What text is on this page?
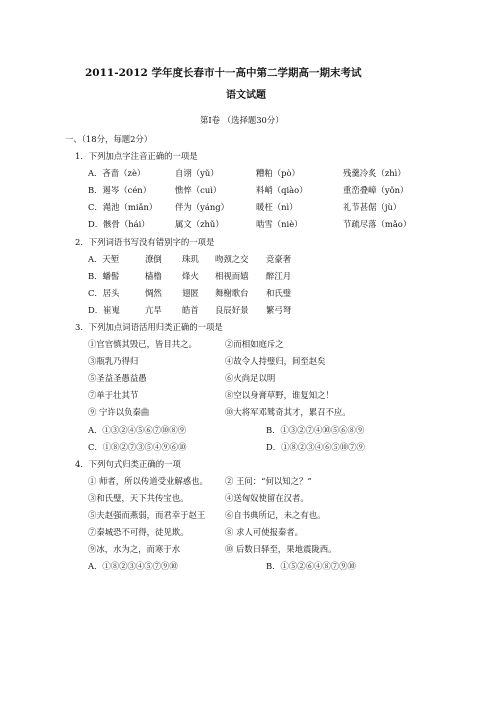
2011-2012 学年度长春市十一高中第二学期高一期末考试
语文试题
第Ⅰ卷 （选择题30分）
一、（18分，每题2分）
1．下列加点字注音正确的一项是
A．吝啬（zè）	自诩（yǔ）	糟粕（pò）	残羹冷炙（zhì）
B．遏岑（cén）	憔悴（cuì）	料峭（qiào）	重峦叠嶂（yǒn）
C．渑池（miǎn） 伴为（yáng）	暖枉（nì）	礼节甚倨（jù）
D．骸骨（hái）	属文（zhǔ）	啮雪（niè）	节疏尽落（mǎo）
2．下列词语书写没有错别字的一项是
A．天堑	潦倒 珠玑 吻颈之交 竞豪奢
B．蟠髻	樯橹 烽火 相视而嬉 醉江月
C．居头	惆然 翅匿 舞榭歌台 和氏璧
D．崔嵬	亢旱 皓首 良辰好景 繁弓弩
3．下列加点词语活用归类正确的一项是
①官官慎其毁已，皆目共之。	②而相如庭斥之
③瓶乳乃得归	④故令人持璧归，间至赵矣
⑤圣益圣愚益愚	⑥火尚足以明
⑦单于壮其节	⑧空以身膏草野，谁复知之！
⑨ 宁许以负秦曲	⑩大将军邓骘奇其才，累召不应。
A．①③②④⑤⑥⑦⑩⑧⑨	B．①③②⑦④⑩⑤⑥⑧⑨
C．①⑧②⑦③⑤④⑨⑥⑩	D．①⑧②③④⑥⑤⑩⑦⑨
4．下列句式归类正确的一项
① 师者，所以传道受业解惑也。 ② 王问：“何以知之？”
③和氏璧，天下共传宝也。	④送匈奴使留在汉者。
⑤夫赵强而燕弱，而君幸于赵王 ⑥自书典所记，未之有也。
⑦秦城恐不可得，徒见欺。	⑧ 求人可使报秦者。
⑨冰，水为之，而寒于水	⑩ 后数日驿至，果地震陇西。
A．①⑧②③④⑤⑦⑨⑩	B．①⑤②⑥④⑧⑦⑨⑩
